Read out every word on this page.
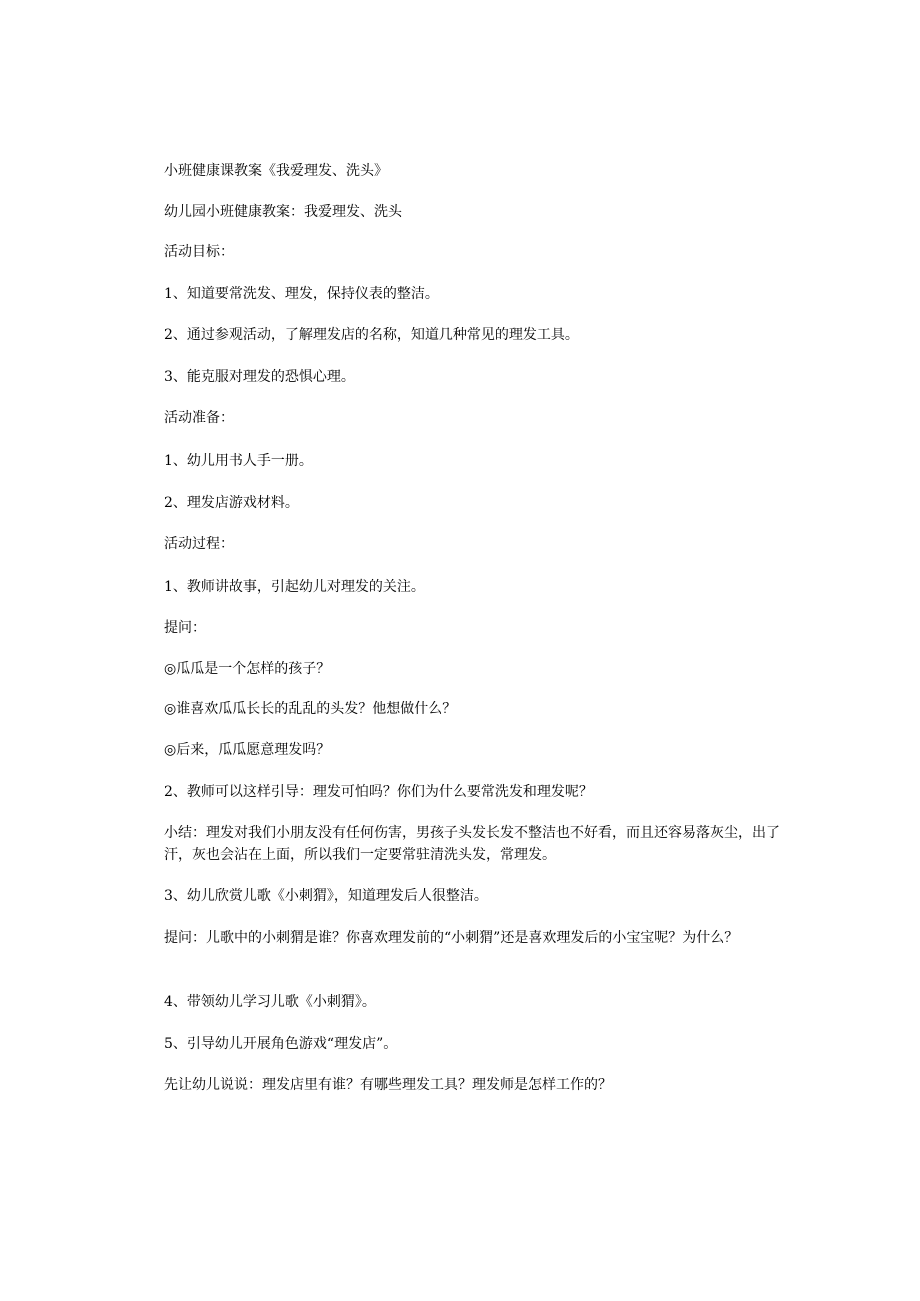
小班健康课教案《我爱理发、洗头》

幼儿园小班健康教案：我爱理发、洗头

活动目标：

1、知道要常洗发、理发，保持仪表的整洁。

2、通过参观活动，了解理发店的名称，知道几种常见的理发工具。

3、能克服对理发的恐惧心理。

活动准备：

1、幼儿用书人手一册。

2、理发店游戏材料。

活动过程：

1、教师讲故事，引起幼儿对理发的关注。

提问：

◎瓜瓜是一个怎样的孩子？

◎谁喜欢瓜瓜长长的乱乱的头发？他想做什么？

◎后来，瓜瓜愿意理发吗？

2、教师可以这样引导：理发可怕吗？你们为什么要常洗发和理发呢？

小结：理发对我们小朋友没有任何伤害，男孩子头发长发不整洁也不好看，而且还容易落灰尘，出了汗，灰也会沾在上面，所以我们一定要常驻清洗头发，常理发。

3、幼儿欣赏儿歌《小刺猬》，知道理发后人很整洁。

提问：儿歌中的小刺猬是谁？你喜欢理发前的“小刺猬”还是喜欢理发后的小宝宝呢？为什么？

4、带领幼儿学习儿歌《小刺猬》。

5、引导幼儿开展角色游戏“理发店”。

先让幼儿说说：理发店里有谁？有哪些理发工具？理发师是怎样工作的？
